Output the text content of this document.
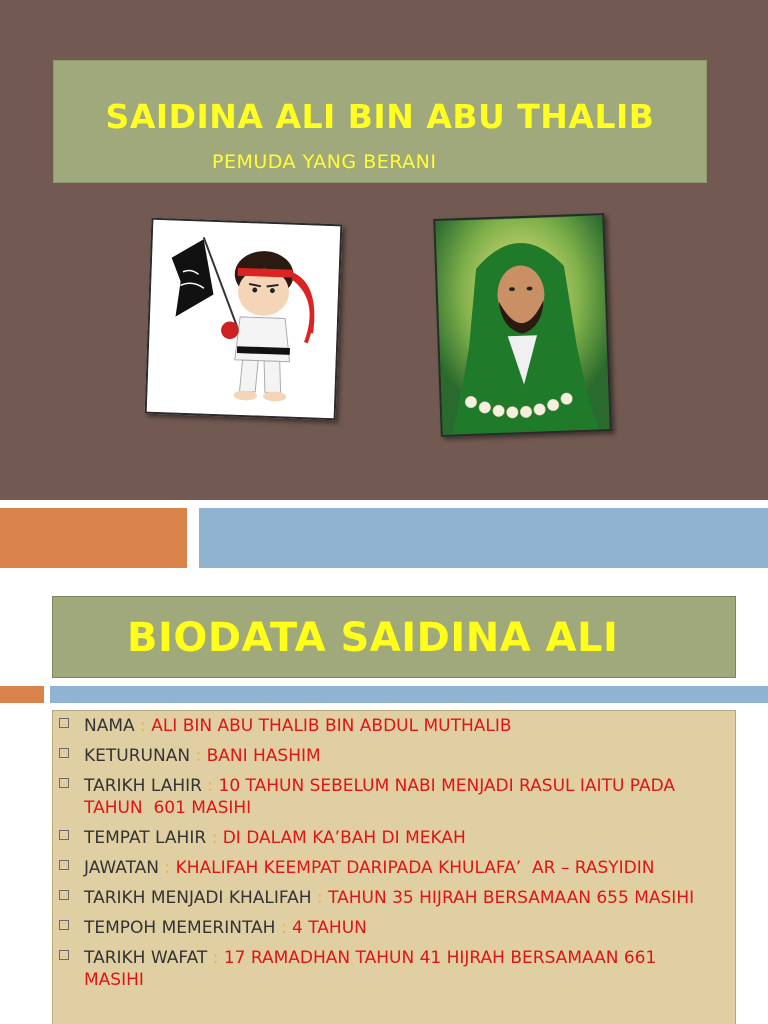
SAIDINA ALI BIN ABU THALIB
PEMUDA YANG BERANI
BIODATA SAIDINA ALI
NAMA : ALI BIN ABU THALIB BIN ABDUL MUTHALIB
KETURUNAN : BANI HASHIM
TARIKH LAHIR : 10 TAHUN SEBELUM NABI MENJADI RASUL IAITU PADA           TAHUN  601 MASIHI
TEMPAT LAHIR : DI DALAM KA’BAH DI MEKAH
JAWATAN : KHALIFAH KEEMPAT DARIPADA KHULAFA’  AR – RASYIDIN
TARIKH MENJADI KHALIFAH : TAHUN 35 HIJRAH BERSAMAAN 655 MASIHI
TEMPOH MEMERINTAH : 4 TAHUN
TARIKH WAFAT : 17 RAMADHAN TAHUN 41 HIJRAH BERSAMAAN 661          MASIHI
